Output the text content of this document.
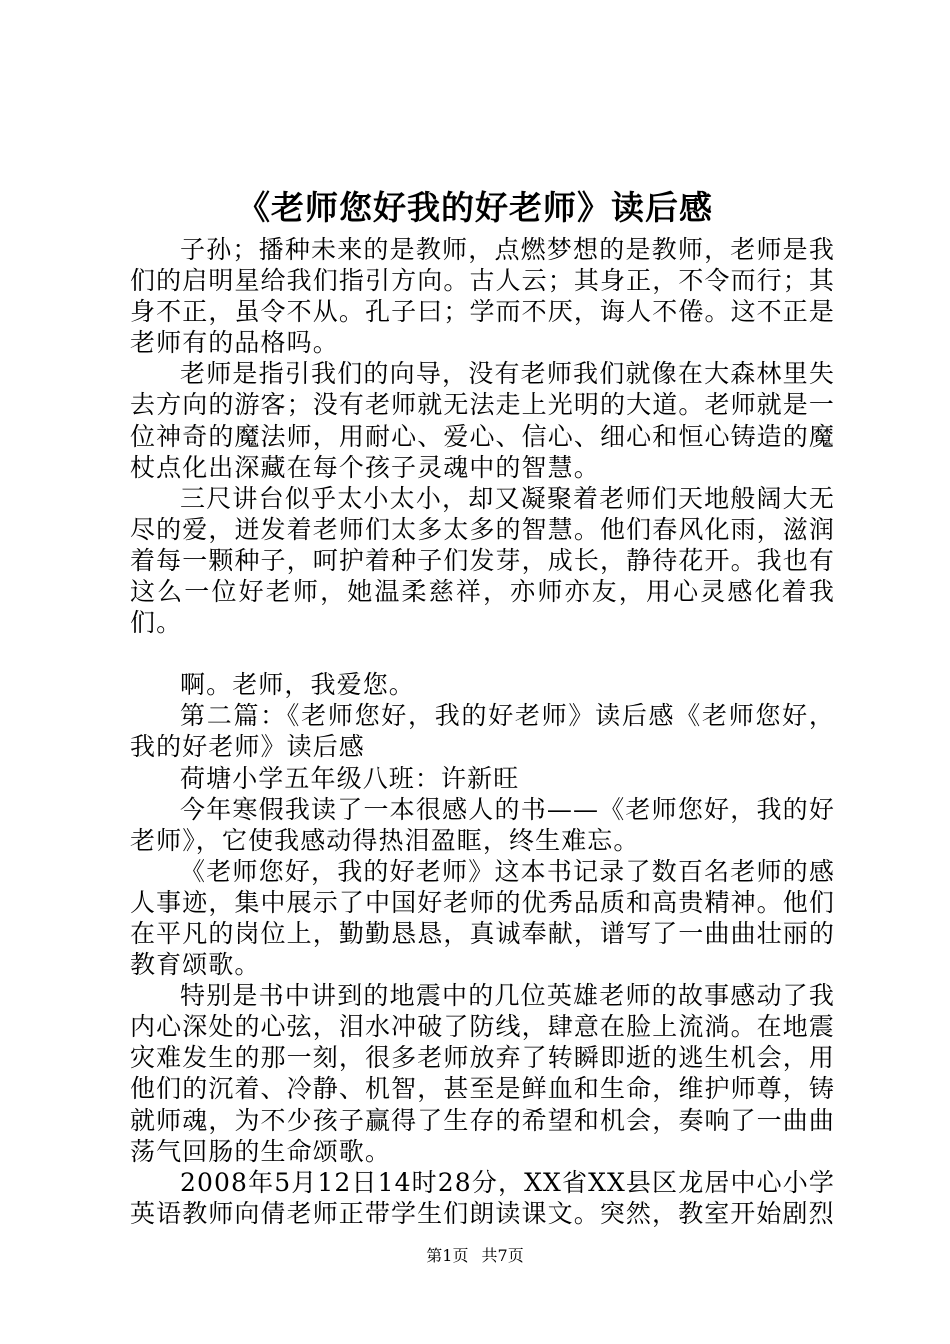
《老师您好我的好老师》读后感

子孙；播种未来的是教师，点燃梦想的是教师，老师是我们的启明星给我们指引方向。古人云；其身正，不令而行；其身不正，虽令不从。孔子曰；学而不厌，诲人不倦。这不正是老师有的品格吗。

老师是指引我们的向导，没有老师我们就像在大森林里失去方向的游客；没有老师就无法走上光明的大道。老师就是一位神奇的魔法师，用耐心、爱心、信心、细心和恒心铸造的魔杖点化出深藏在每个孩子灵魂中的智慧。

三尺讲台似乎太小太小，却又凝聚着老师们天地般阔大无尽的爱，迸发着老师们太多太多的智慧。他们春风化雨，滋润着每一颗种子，呵护着种子们发芽，成长，静待花开。我也有这么一位好老师，她温柔慈祥，亦师亦友，用心灵感化着我们。

啊。老师，我爱您。

第二篇：《老师您好，我的好老师》读后感《老师您好，我的好老师》读后感

荷塘小学五年级八班：许新旺

今年寒假我读了一本很感人的书——《老师您好，我的好老师》，它使我感动得热泪盈眶，终生难忘。

《老师您好，我的好老师》这本书记录了数百名老师的感人事迹，集中展示了中国好老师的优秀品质和高贵精神。他们在平凡的岗位上，勤勤恳恳，真诚奉献，谱写了一曲曲壮丽的教育颂歌。

特别是书中讲到的地震中的几位英雄老师的故事感动了我内心深处的心弦，泪水冲破了防线，肆意在脸上流淌。在地震灾难发生的那一刻，很多老师放弃了转瞬即逝的逃生机会，用他们的沉着、冷静、机智，甚至是鲜血和生命，维护师尊，铸就师魂，为不少孩子赢得了生存的希望和机会，奏响了一曲曲荡气回肠的生命颂歌。

2008年5月12日14时28分，XX省XX县区龙居中心小学英语教师向倩老师正带学生们朗读课文。突然，教室开始剧烈

第1页 共7页
